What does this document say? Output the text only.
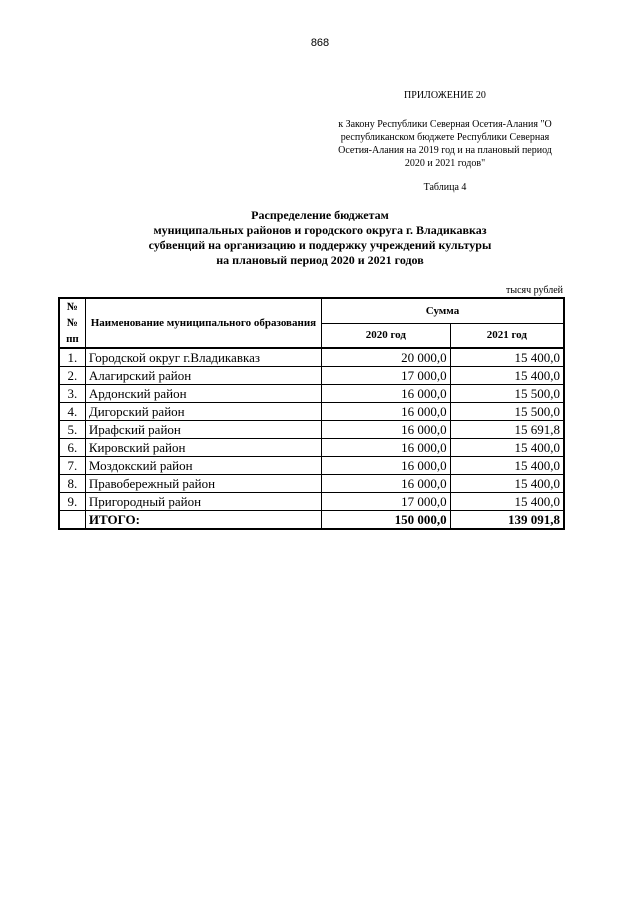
868
ПРИЛОЖЕНИЕ 20
к Закону Республики Северная Осетия-Алания "О республиканском бюджете Республики Северная Осетия-Алания на 2019 год и на плановый период 2020 и 2021 годов"
Таблица 4
Распределение бюджетам
муниципальных районов и городского округа г. Владикавказ
субвенций на организацию и поддержку учреждений культуры
на плановый период 2020 и 2021 годов
тысяч рублей
№№ пп	Наименование муниципального образования	Сумма	
		2020 год	2021 год
1.	Городской округ г.Владикавказ	20 000,0	15 400,0
2.	Алагирский район	17 000,0	15 400,0
3.	Ардонский район	16 000,0	15 500,0
4.	Дигорский район	16 000,0	15 500,0
5.	Ирафский район	16 000,0	15 691,8
6.	Кировский район	16 000,0	15 400,0
7.	Моздокский район	16 000,0	15 400,0
8.	Правобережный район	16 000,0	15 400,0
9.	Пригородный район	17 000,0	15 400,0
	ИТОГО:	150 000,0	139 091,8
